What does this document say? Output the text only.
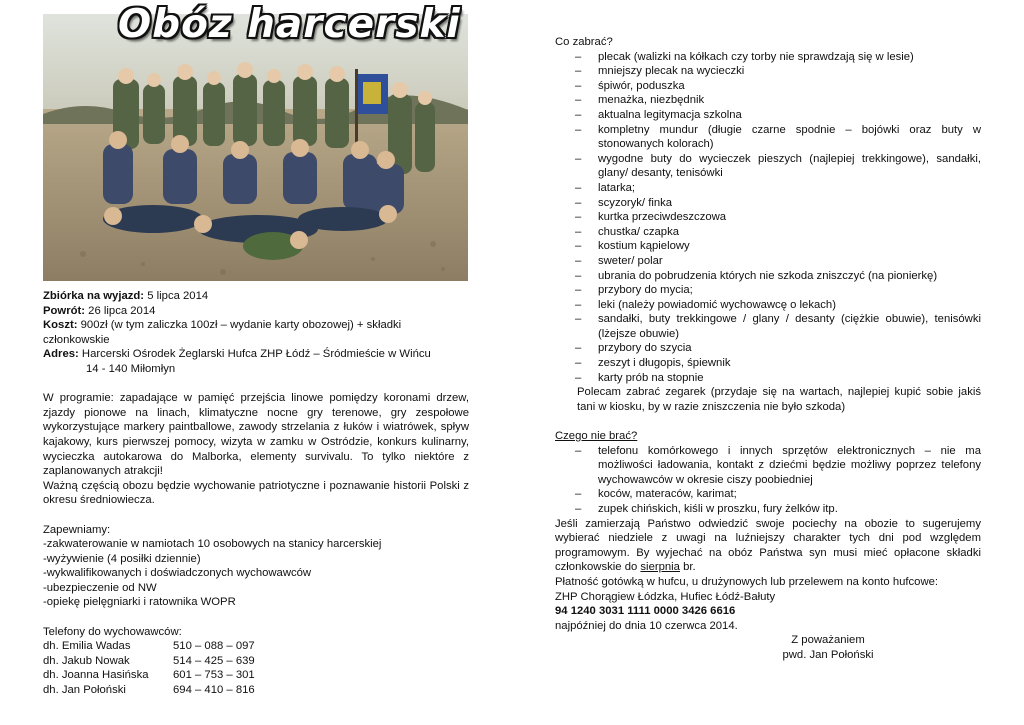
Obóz harcerski

Zbiórka na wyjazd: 5 lipca 2014

Powrót: 26 lipca 2014

Koszt: 900zł (w tym zaliczka 100zł – wydanie karty obozowej) + składki członkowskie

Adres: Harcerski Ośrodek Żeglarski Hufca ZHP Łódź – Śródmieście w Wińcu

14 - 140 Miłomłyn

W programie: zapadające w pamięć przejścia linowe pomiędzy koronami drzew, zjazdy pionowe na linach, klimatyczne nocne gry terenowe, gry zespołowe wykorzystujące markery paintballowe, zawody strzelania z łuków i wiatrówek, spływ kajakowy, kurs pierwszej pomocy, wizyta w zamku w Ostródzie, konkurs kulinarny, wycieczka autokarowa do Malborka, elementy survivalu. To tylko niektóre z zaplanowanych atrakcji!

Ważną częścią obozu będzie wychowanie patriotyczne i poznawanie historii Polski z okresu średniowiecza.

Zapewniamy:

-zakwaterowanie w namiotach 10 osobowych na stanicy harcerskiej

-wyżywienie (4 posiłki dziennie)

-wykwalifikowanych i doświadczonych wychowawców

-ubezpieczenie od NW

-opiekę pielęgniarki i ratownika WOPR

Telefony do wychowawców:

dh. Emilia Wadas	510 – 088 – 097
dh. Jakub Nowak	514 – 425 – 639
dh. Joanna Hasińska	601 – 753 – 301
dh. Jan Połoński	694 – 410 – 816

Co zabrać?

– plecak (walizki na kółkach czy torby nie sprawdzają się w lesie)
– mniejszy plecak na wycieczki
– śpiwór, poduszka
– menażka, niezbędnik
– aktualna legitymacja szkolna
– kompletny mundur (długie czarne spodnie – bojówki oraz buty w stonowanych kolorach)
– wygodne buty do wycieczek pieszych (najlepiej trekkingowe), sandałki, glany/ desanty, tenisówki
– latarka;
– scyzoryk/ finka
– kurtka przeciwdeszczowa
– chustka/ czapka
– kostium kąpielowy
– sweter/ polar
– ubrania do pobrudzenia których nie szkoda zniszczyć (na pionierkę)
– przybory do mycia;
– leki (należy powiadomić wychowawcę o lekach)
– sandałki, buty trekkingowe / glany / desanty (ciężkie obuwie), tenisówki (lżejsze obuwie)
– przybory do szycia
– zeszyt i długopis, śpiewnik
– karty prób na stopnie

Polecam zabrać zegarek (przydaje się na wartach, najlepiej kupić sobie jakiś tani w kiosku, by w razie zniszczenia nie było szkoda)

Czego nie brać?

– telefonu komórkowego i innych sprzętów elektronicznych – nie ma możliwości ładowania, kontakt z dziećmi będzie możliwy poprzez telefony wychowawców w okresie ciszy poobiedniej
– koców, materaców, karimat;
– zupek chińskich, kiśli w proszku, fury żelków itp.

Jeśli zamierzają Państwo odwiedzić swoje pociechy na obozie to sugerujemy wybierać niedziele z uwagi na luźniejszy charakter tych dni pod względem programowym. By wyjechać na obóz Państwa syn musi mieć opłacone składki członkowskie do sierpnia br.

Płatność gotówką w hufcu, u drużynowych lub przelewem na konto hufcowe:

ZHP Chorągiew Łódzka, Hufiec Łódź-Bałuty

94 1240 3031 1111 0000 3426 6616

najpóźniej do dnia 10 czerwca 2014.

Z poważaniem

pwd. Jan Połoński
